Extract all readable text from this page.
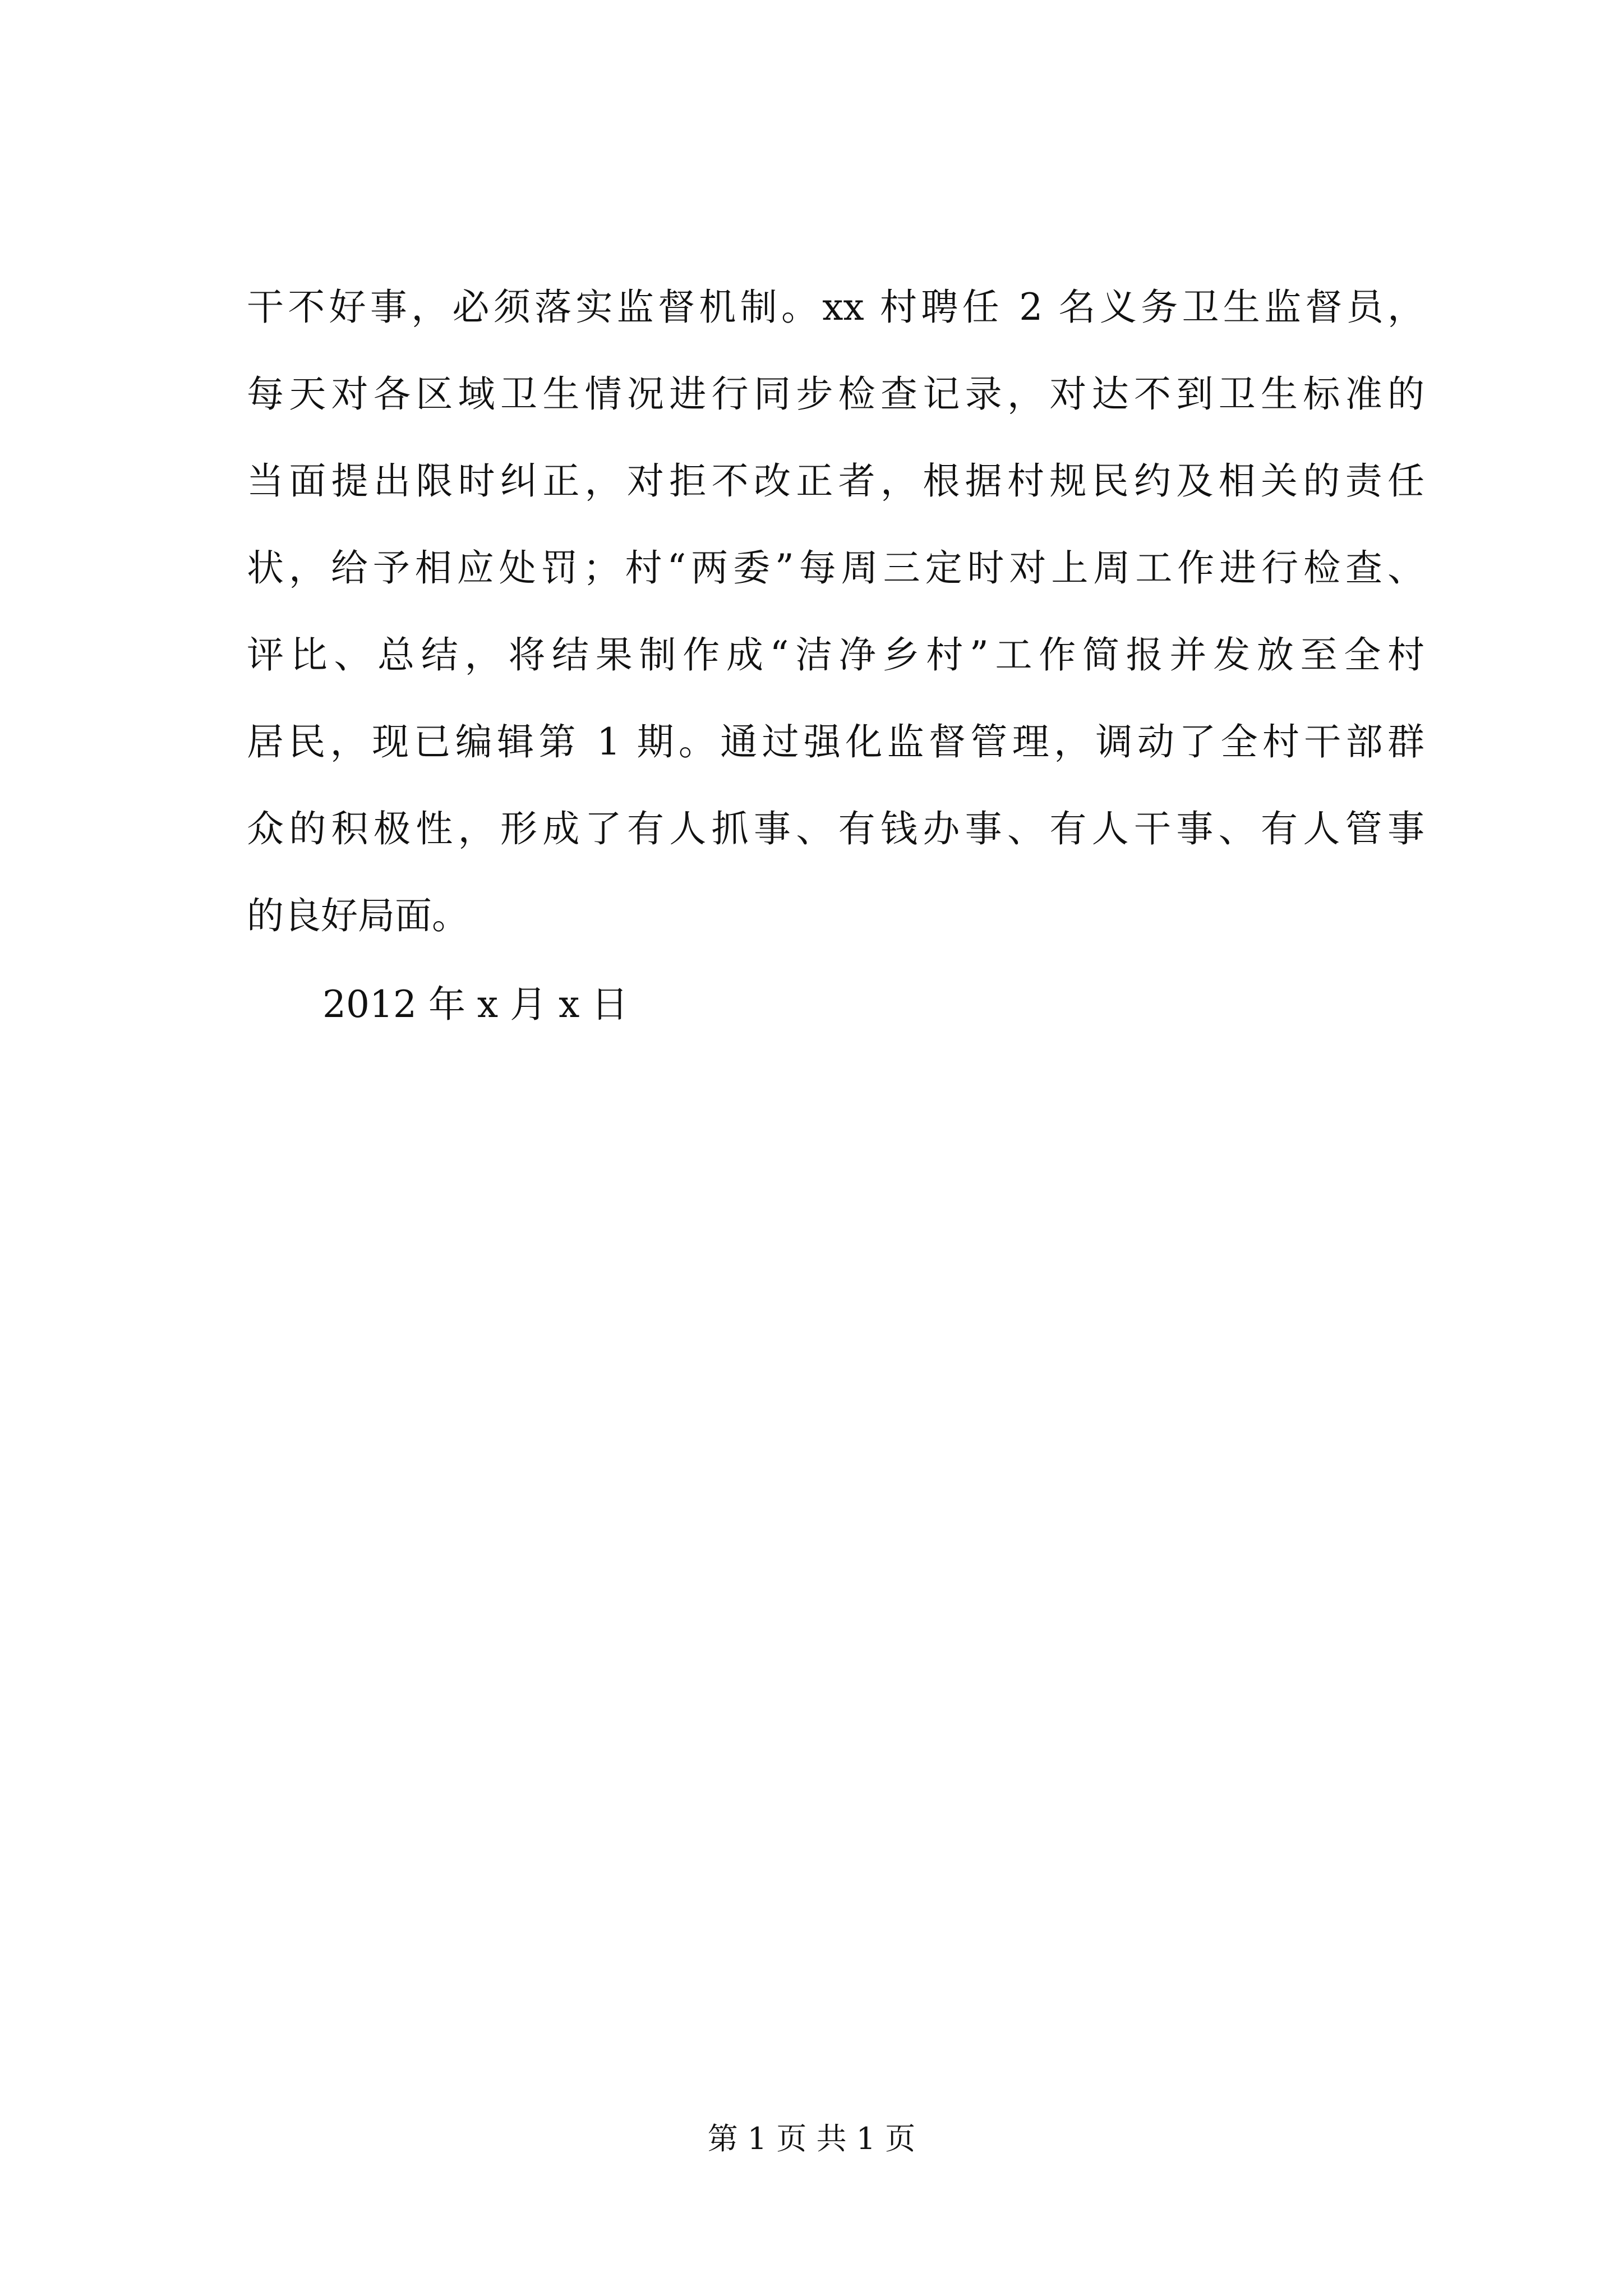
干不好事，必须落实监督机制。xx 村聘任 2 名义务卫生监督员，
每天对各区域卫生情况进行同步检查记录，对达不到卫生标准的
当面提出限时纠正，对拒不改正者，根据村规民约及相关的责任
状，给予相应处罚；村“两委”每周三定时对上周工作进行检查、
评比、总结，将结果制作成“洁净乡村”工作简报并发放至全村
居民，现已编辑第 1 期。通过强化监督管理，调动了全村干部群
众的积极性，形成了有人抓事、有钱办事、有人干事、有人管事
的良好局面。
2012 年 x 月 x 日
第 1 页 共 1 页
